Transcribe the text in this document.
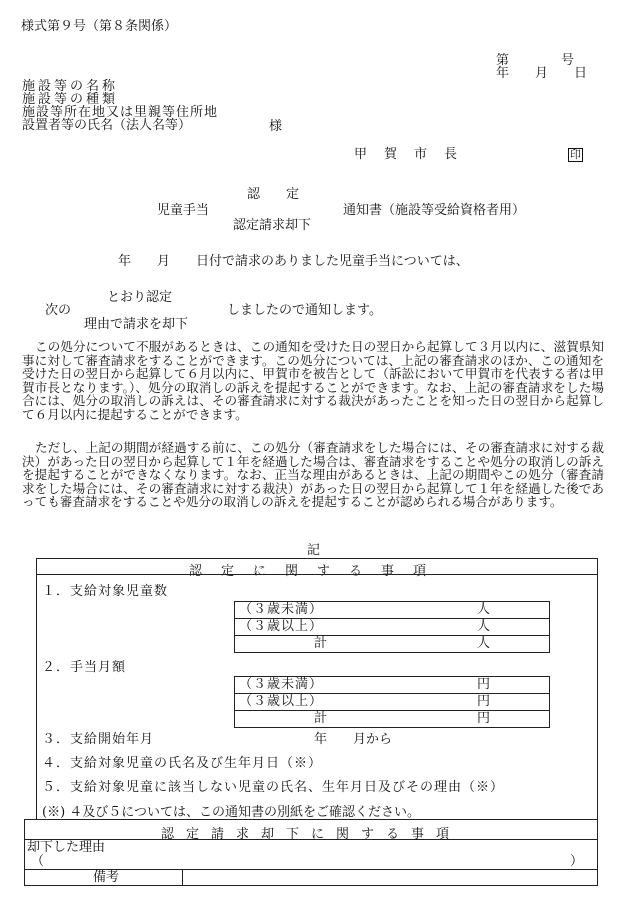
様式第９号（第８条関係）
第　　　　号
年　　月　　日
施設等の名称
施設等の種類
施設等所在地又は里親等住所地
設置者等の氏名（法人名等）	様
甲　賀　市　長	印
認　　定
児童手当	通知書（施設等受給資格者用）
認定請求却下
年　　月　　日付で請求のありました児童手当については、
とおり認定
次の	しましたので通知します。
理由で請求を却下
この処分について不服があるときは、この通知を受けた日の翌日から起算して３月以内に、滋賀県知事に対して審査請求をすることができます。この処分については、上記の審査請求のほか、この通知を受けた日の翌日から起算して６月以内に、甲賀市を被告として（訴訟において甲賀市を代表する者は甲賀市長となります。）、処分の取消しの訴えを提起することができます。なお、上記の審査請求をした場合には、処分の取消しの訴えは、その審査請求に対する裁決があったことを知った日の翌日から起算して６月以内に提起することができます。
ただし、上記の期間が経過する前に、この処分（審査請求をした場合には、その審査請求に対する裁決）があった日の翌日から起算して１年を経過した場合は、審査請求をすることや処分の取消しの訴えを提起することができなくなります。なお、正当な理由があるときは、上記の期間やこの処分（審査請求をした場合には、その審査請求に対する裁決）があった日の翌日から起算して１年を経過した後であっても審査請求をすることや処分の取消しの訴えを提起することが認められる場合があります。
記
認定に関する事項
１．支給対象児童数
（３歳未満）	人
（３歳以上）	人
計	人
２．手当月額
（３歳未満）	円
（３歳以上）	円
計	円
３．支給開始年月	年　　月から
４．支給対象児童の氏名及び生年月日（※）
５．支給対象児童に該当しない児童の氏名、生年月日及びその理由（※）
(※) ４及び５については、この通知書の別紙をご確認ください。
認定請求却下に関する事項
却下した理由
（	）
備考
